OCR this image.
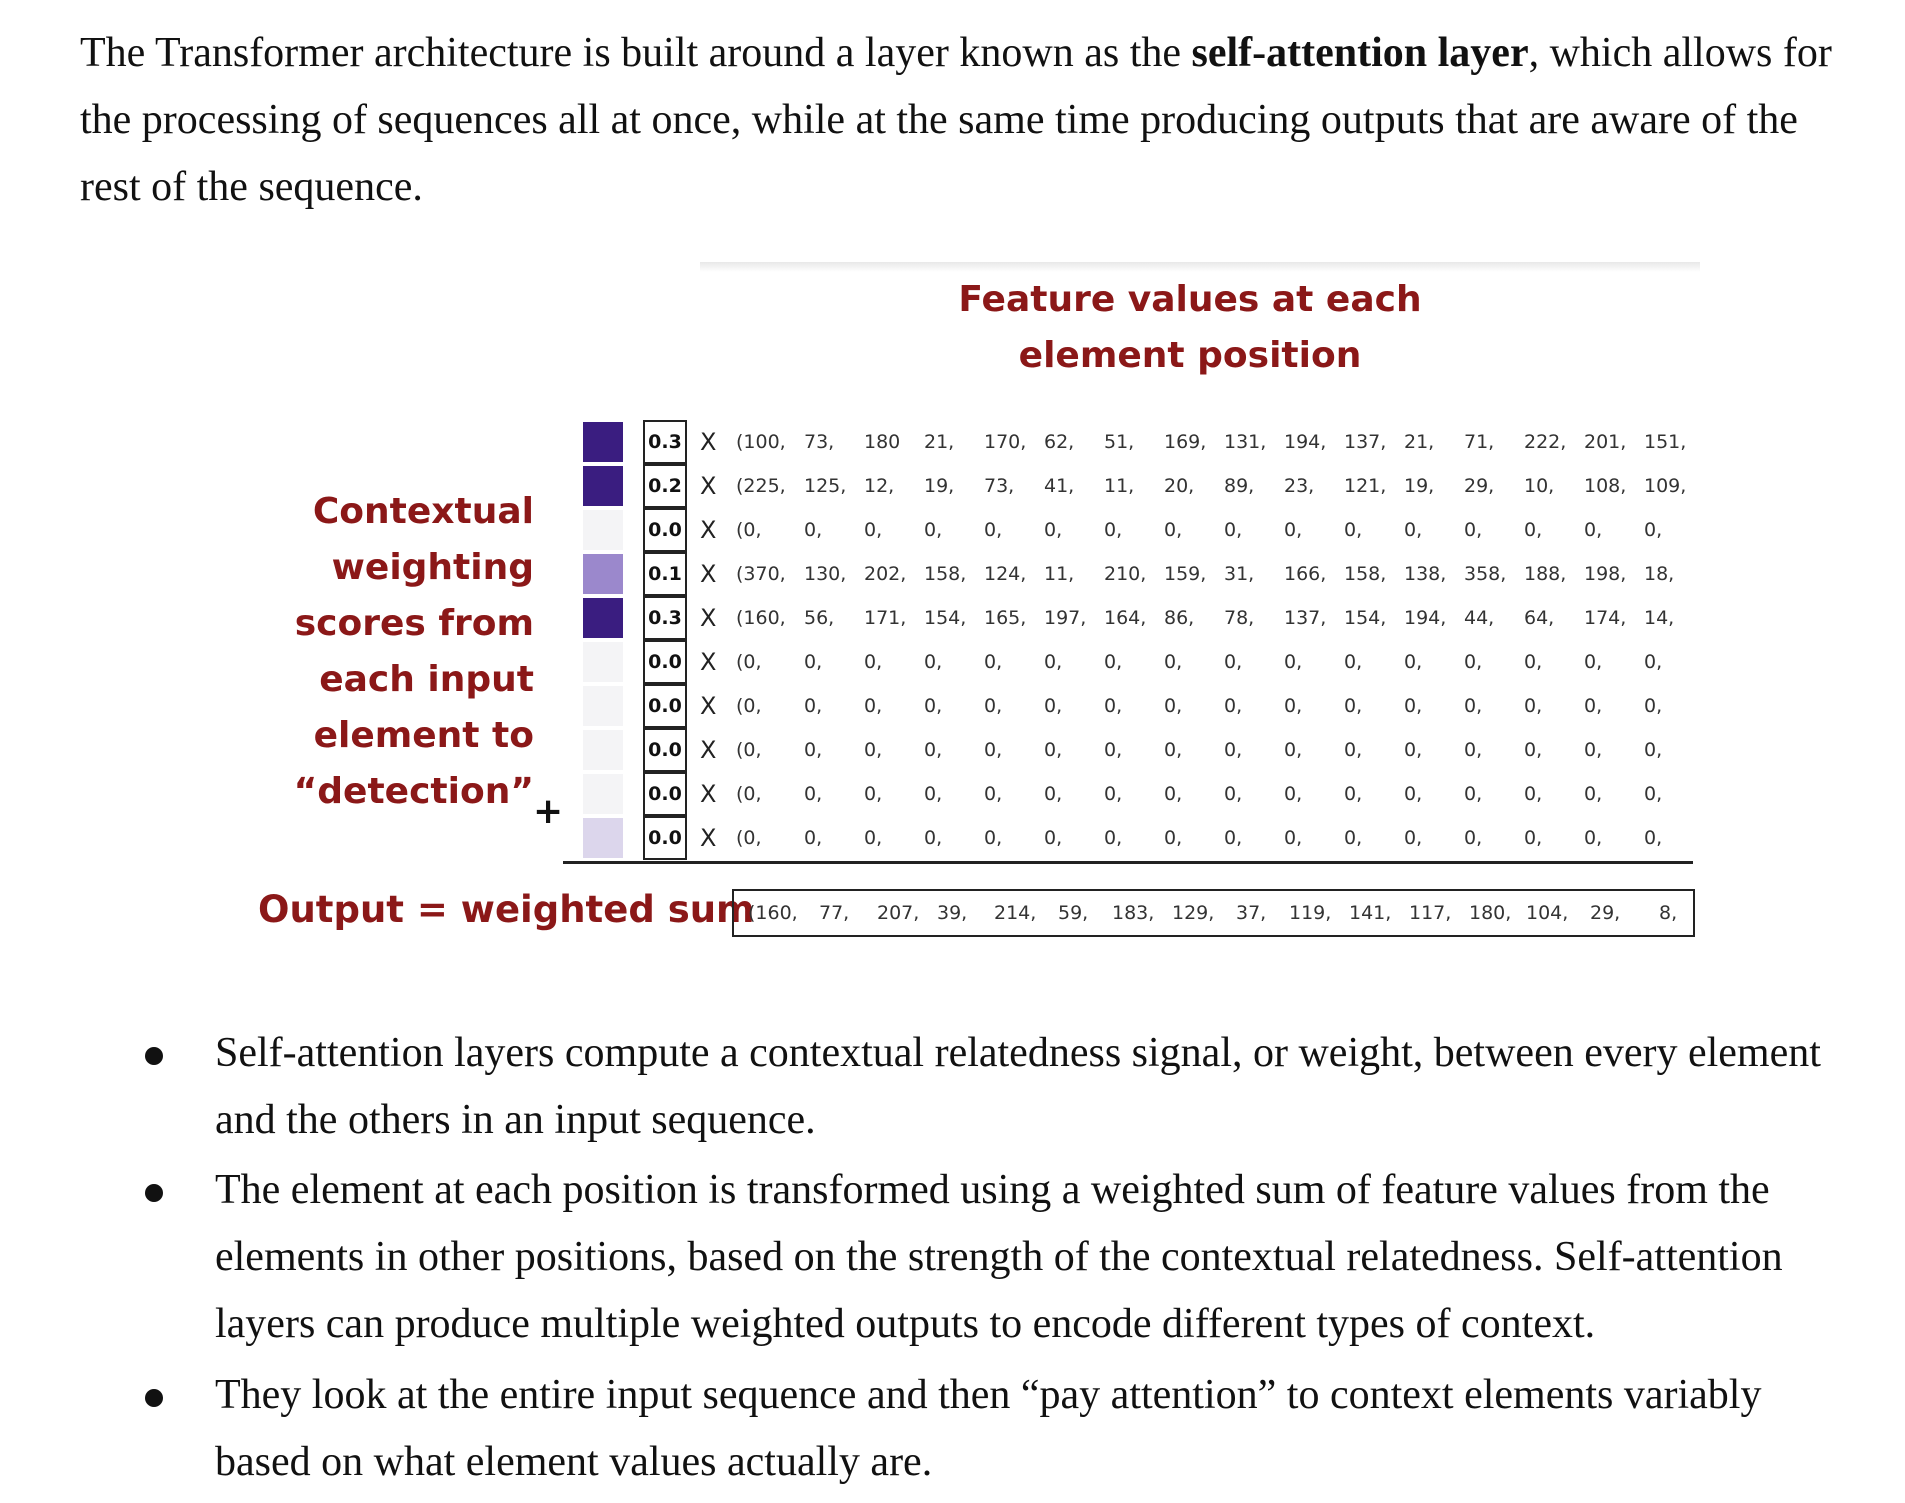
The Transformer architecture is built around a layer known as the self-attention layer, which allows for the processing of sequences all at once, while at the same time producing outputs that are aware of the rest of the sequence.

Feature values at each element position
Contextual weighting scores from each input element to “detection” +
0.3 X (100, 73, 180 21, 170, 62, 51, 169, 131, 194, 137, 21, 71, 222, 201, 151,
0.2 X (225, 125, 12, 19, 73, 41, 11, 20, 89, 23, 121, 19, 29, 10, 108, 109,
0.0 X (0, 0, 0, 0, 0, 0, 0, 0, 0, 0, 0, 0, 0, 0, 0, 0,
0.1 X (370, 130, 202, 158, 124, 11, 210, 159, 31, 166, 158, 138, 358, 188, 198, 18,
0.3 X (160, 56, 171, 154, 165, 197, 164, 86, 78, 137, 154, 194, 44, 64, 174, 14,
0.0 X (0, 0, 0, 0, 0, 0, 0, 0, 0, 0, 0, 0, 0, 0, 0, 0,
0.0 X (0, 0, 0, 0, 0, 0, 0, 0, 0, 0, 0, 0, 0, 0, 0, 0,
0.0 X (0, 0, 0, 0, 0, 0, 0, 0, 0, 0, 0, 0, 0, 0, 0, 0,
0.0 X (0, 0, 0, 0, 0, 0, 0, 0, 0, 0, 0, 0, 0, 0, 0, 0,
0.0 X (0, 0, 0, 0, 0, 0, 0, 0, 0, 0, 0, 0, 0, 0, 0, 0,
Output = weighted sum
(160, 77, 207, 39, 214, 59, 183, 129, 37, 119, 141, 117, 180, 104, 29, 8,
Self-attention layers compute a contextual relatedness signal, or weight, between every element and the others in an input sequence.
The element at each position is transformed using a weighted sum of feature values from the elements in other positions, based on the strength of the contextual relatedness. Self-attention layers can produce multiple weighted outputs to encode different types of context.
They look at the entire input sequence and then “pay attention” to context elements variably based on what element values actually are.
